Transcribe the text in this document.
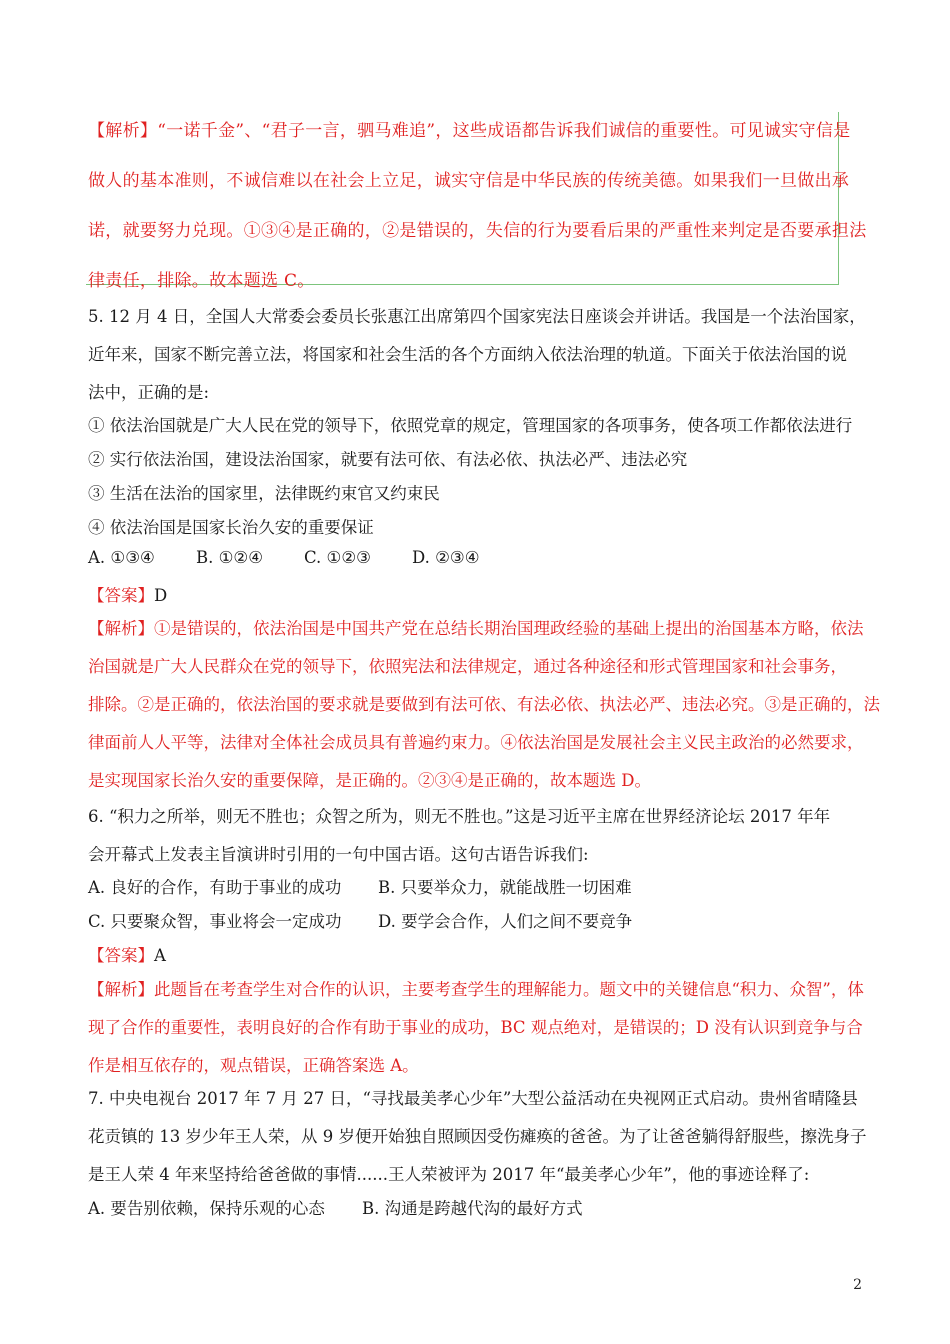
【解析】“一诺千金”、“君子一言，驷马难追”，这些成语都告诉我们诚信的重要性。可见诚实守信是
做人的基本准则，不诚信难以在社会上立足，诚实守信是中华民族的传统美德。如果我们一旦做出承
诺，就要努力兑现。①③④是正确的，②是错误的，失信的行为要看后果的严重性来判定是否要承担法
律责任，排除。故本题选 C。
5. 12 月 4 日，全国人大常委会委员长张惠江出席第四个国家宪法日座谈会并讲话。我国是一个法治国家，
近年来，国家不断完善立法，将国家和社会生活的各个方面纳入依法治理的轨道。下面关于依法治国的说
法中，正确的是:
① 依法治国就是广大人民在党的领导下，依照党章的规定，管理国家的各项事务，使各项工作都依法进行
② 实行依法治国，建设法治国家，就要有法可依、有法必依、执法必严、违法必究
③ 生活在法治的国家里，法律既约束官又约束民
④ 依法治国是国家长治久安的重要保证
A. ①③④ B. ①②④ C. ①②③ D. ②③④
【答案】D
【解析】①是错误的，依法治国是中国共产党在总结长期治国理政经验的基础上提出的治国基本方略，依法
治国就是广大人民群众在党的领导下，依照宪法和法律规定，通过各种途径和形式管理国家和社会事务，
排除。②是正确的，依法治国的要求就是要做到有法可依、有法必依、执法必严、违法必究。③是正确的，法
律面前人人平等，法律对全体社会成员具有普遍约束力。④依法治国是发展社会主义民主政治的必然要求，
是实现国家长治久安的重要保障，是正确的。②③④是正确的，故本题选 D。
6. “积力之所举，则无不胜也；众智之所为，则无不胜也。”这是习近平主席在世界经济论坛 2017 年年
会开幕式上发表主旨演讲时引用的一句中国古语。这句古语告诉我们:
A. 良好的合作，有助于事业的成功 B. 只要举众力，就能战胜一切困难
C. 只要聚众智，事业将会一定成功 D. 要学会合作，人们之间不要竞争
【答案】A
【解析】此题旨在考查学生对合作的认识，主要考查学生的理解能力。题文中的关键信息“积力、众智”，体
现了合作的重要性，表明良好的合作有助于事业的成功，BC 观点绝对，是错误的；D 没有认识到竞争与合
作是相互依存的，观点错误，正确答案选 A。
7. 中央电视台 2017 年 7 月 27 日，“寻找最美孝心少年”大型公益活动在央视网正式启动。贵州省晴隆县
花贡镇的 13 岁少年王人荣，从 9 岁便开始独自照顾因受伤瘫痪的爸爸。为了让爸爸躺得舒服些，擦洗身子
是王人荣 4 年来坚持给爸爸做的事情......王人荣被评为 2017 年“最美孝心少年”，他的事迹诠释了:
A. 要告别依赖，保持乐观的心态 B. 沟通是跨越代沟的最好方式
2
